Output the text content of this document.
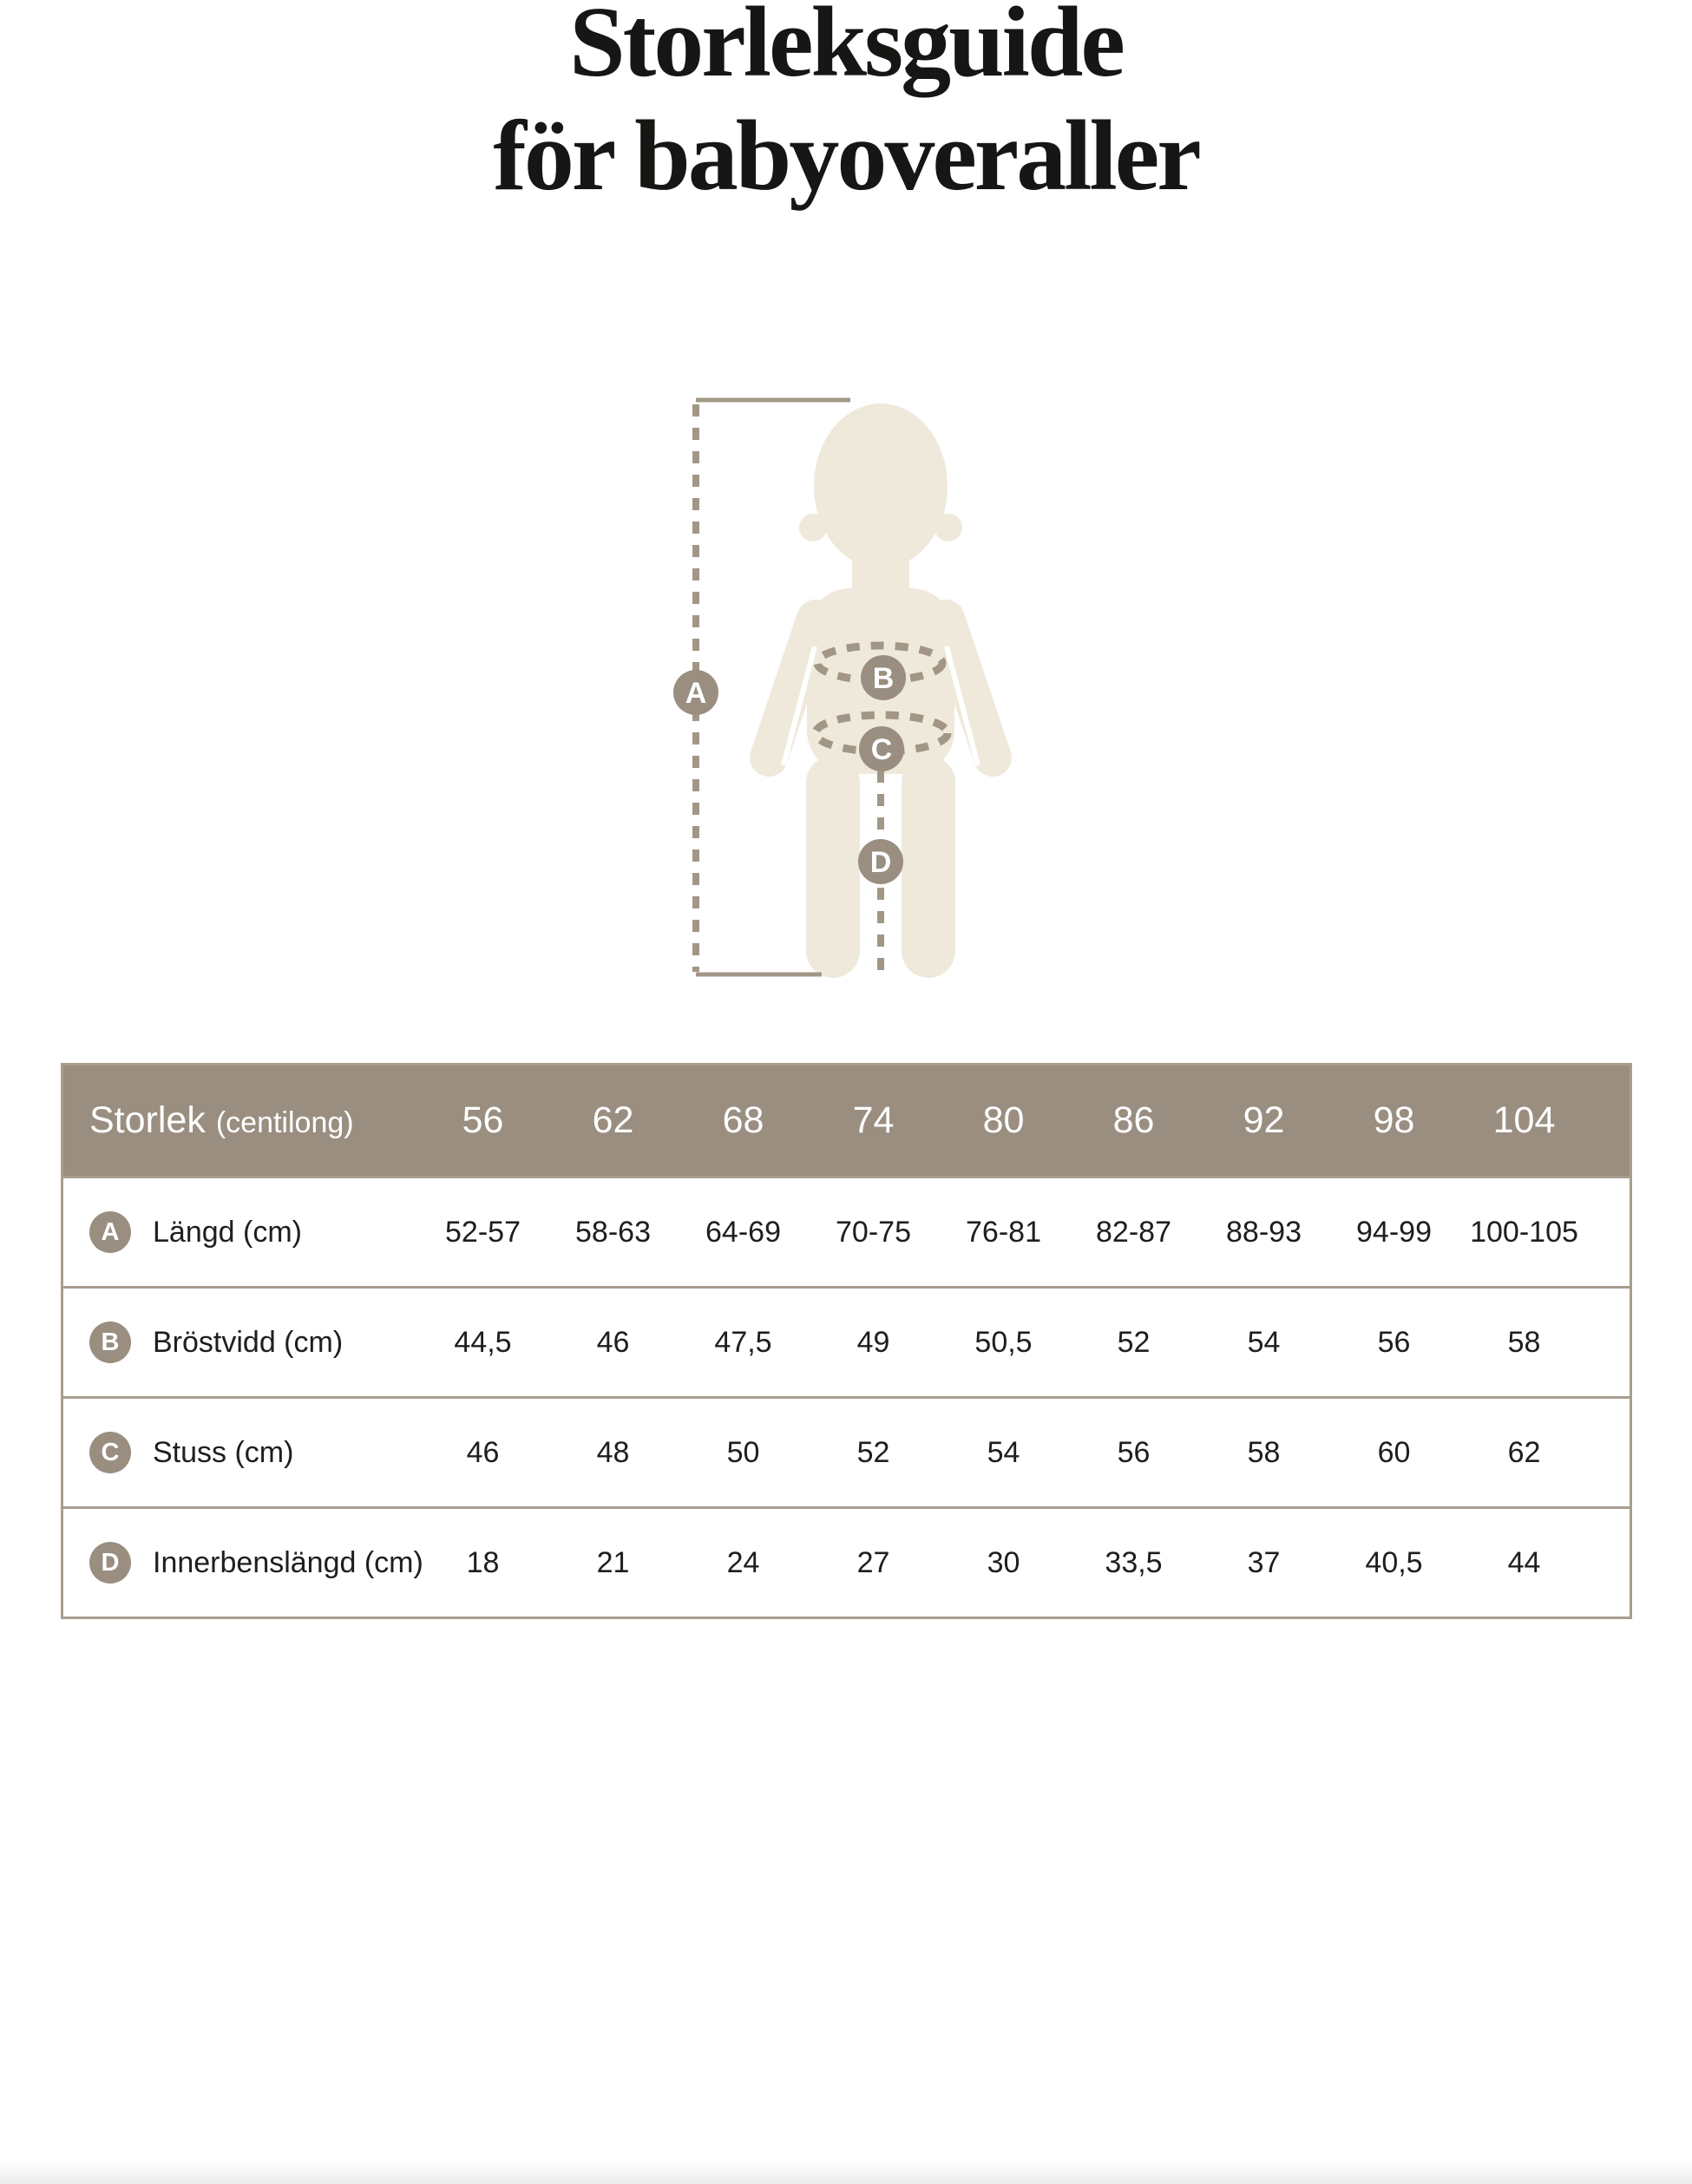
Storleksguide
för babyoveraller
A	B
C
D
Storlek (centilong)	56	62	68	74	80	86	92	98	104	

A Längd (cm)	52-57	58-63	64-69	70-75	76-81	82-87	88-93	94-99	100-105	

B Bröstvidd (cm)	44,5	46	47,5	49	50,5	52	54	56	58	

C Stuss (cm)	46	48	50	52	54	56	58	60	62	

D Innerbenslängd (cm)	18	21	24	27	30	33,5	37	40,5	44	
